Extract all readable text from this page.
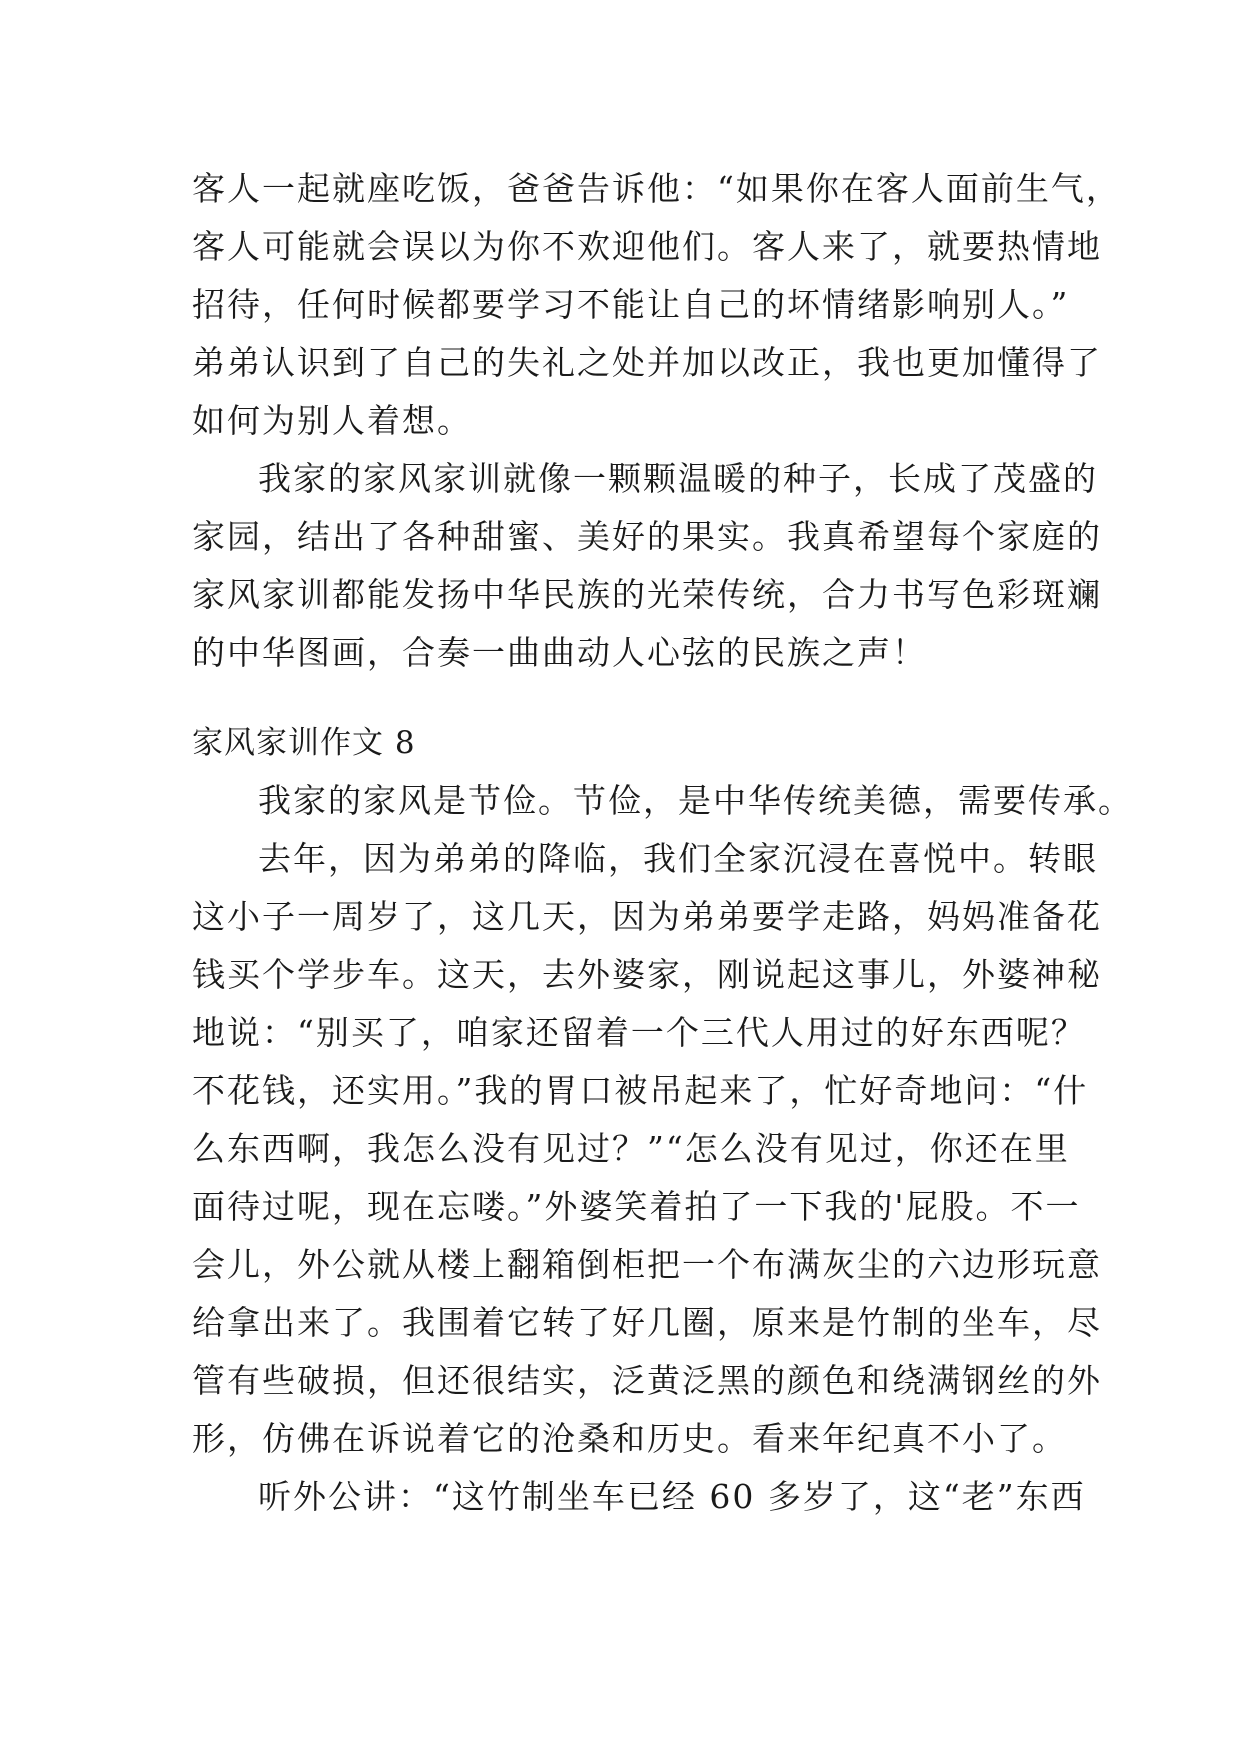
客人一起就座吃饭，爸爸告诉他：“如果你在客人面前生气，
客人可能就会误以为你不欢迎他们。客人来了，就要热情地
招待，任何时候都要学习不能让自己的坏情绪影响别人。”
弟弟认识到了自己的失礼之处并加以改正，我也更加懂得了
如何为别人着想。
我家的家风家训就像一颗颗温暖的种子，长成了茂盛的
家园，结出了各种甜蜜、美好的果实。我真希望每个家庭的
家风家训都能发扬中华民族的光荣传统，合力书写色彩斑斓
的中华图画，合奏一曲曲动人心弦的民族之声！
家风家训作文 8
我家的家风是节俭。节俭，是中华传统美德，需要传承。
去年，因为弟弟的降临，我们全家沉浸在喜悦中。转眼
这小子一周岁了，这几天，因为弟弟要学走路，妈妈准备花
钱买个学步车。这天，去外婆家，刚说起这事儿，外婆神秘
地说：“别买了，咱家还留着一个三代人用过的好东西呢？
不花钱，还实用。”我的胃口被吊起来了，忙好奇地问：“什
么东西啊，我怎么没有见过？”“怎么没有见过，你还在里
面待过呢，现在忘喽。”外婆笑着拍了一下我的'屁股。不一
会儿，外公就从楼上翻箱倒柜把一个布满灰尘的六边形玩意
给拿出来了。我围着它转了好几圈，原来是竹制的坐车，尽
管有些破损，但还很结实，泛黄泛黑的颜色和绕满钢丝的外
形，仿佛在诉说着它的沧桑和历史。看来年纪真不小了。
听外公讲：“这竹制坐车已经 60 多岁了，这“老”东西
